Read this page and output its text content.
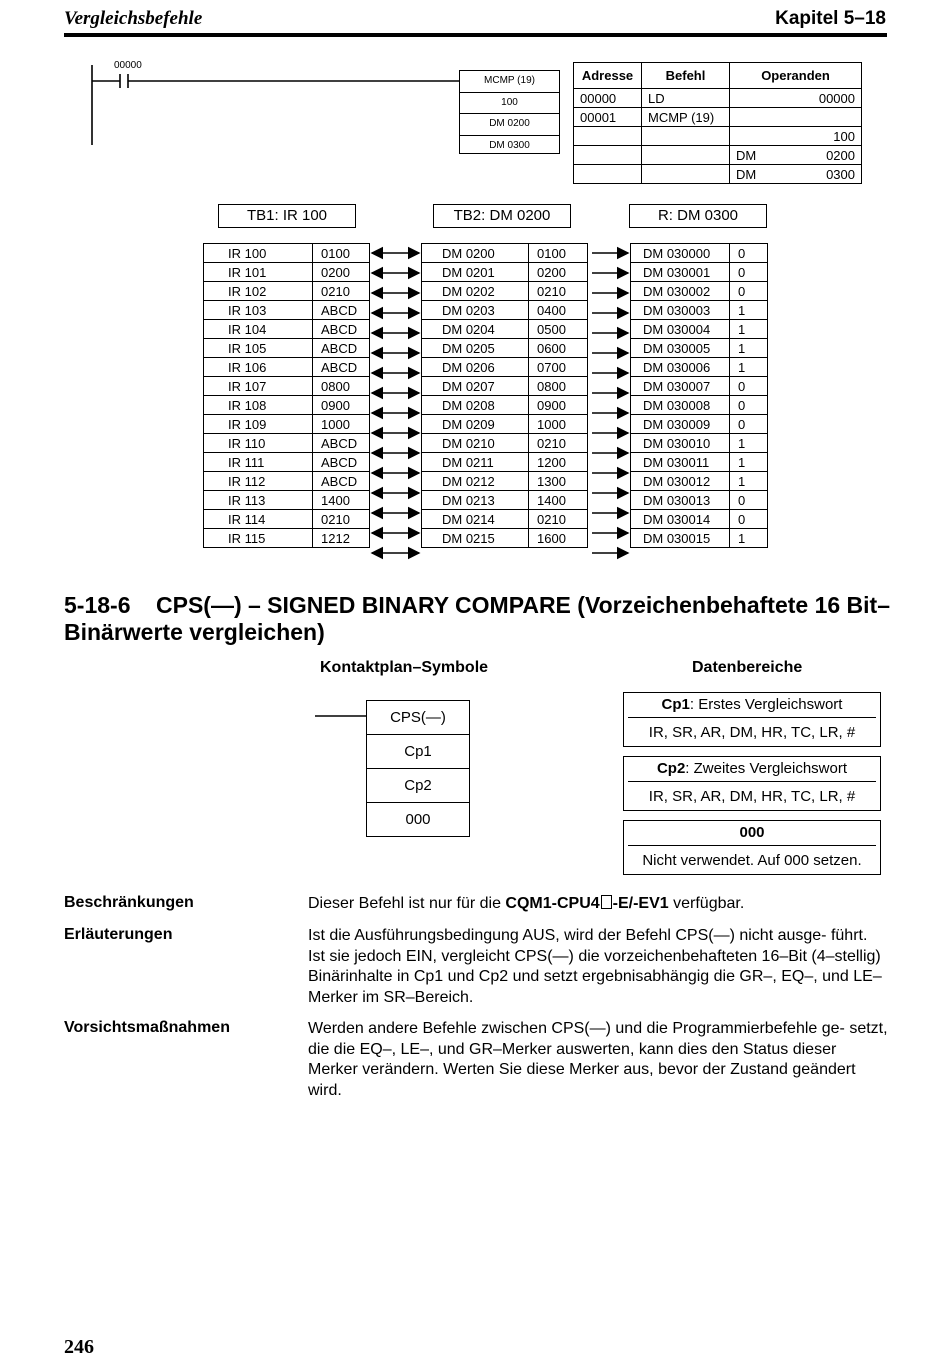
Vergleichsbefehle	Kapitel 5–18
00000
MCMP (19)
100
DM 0200
DM 0300
Adresse	Befehl	Operanden	
00000	LD		00000
00001	MCMP (19)		
			100
		DM	0200
		DM	0300
TB1: IR 100	TB2: DM 0200	R: DM 0300
IR 100	0100
IR 101	0200
IR 102	0210
IR 103	ABCD
IR 104	ABCD
IR 105	ABCD
IR 106	ABCD
IR 107	0800
IR 108	0900
IR 109	1000
IR 110	ABCD
IR 111	ABCD
IR 112	ABCD
IR 113	1400
IR 114	0210
IR 115	1212
DM 0200	0100
DM 0201	0200
DM 0202	0210
DM 0203	0400
DM 0204	0500
DM 0205	0600
DM 0206	0700
DM 0207	0800
DM 0208	0900
DM 0209	1000
DM 0210	0210
DM 0211	1200
DM 0212	1300
DM 0213	1400
DM 0214	0210
DM 0215	1600
DM 030000	0
DM 030001	0
DM 030002	0
DM 030003	1
DM 030004	1
DM 030005	1
DM 030006	1
DM 030007	0
DM 030008	0
DM 030009	0
DM 030010	1
DM 030011	1
DM 030012	1
DM 030013	0
DM 030014	0
DM 030015	1
5-18-6 CPS(—) – SIGNED BINARY COMPARE (Vorzeichenbehaftete 16 Bit–Binärwerte vergleichen)
Kontaktplan–Symbole	Datenbereiche
CPS(—)
Cp1
Cp2
000
Cp1: Erstes Vergleichswort
IR, SR, AR, DM, HR, TC, LR, #
Cp2: Zweites Vergleichswort
IR, SR, AR, DM, HR, TC, LR, #
000
Nicht verwendet. Auf 000 setzen.
Beschränkungen	Dieser Befehl ist nur für die CQM1-CPU4 -E/-EV1 verfügbar.
Erläuterungen	Ist die Ausführungsbedingung AUS, wird der Befehl CPS(—) nicht ausge- führt. Ist sie jedoch EIN, vergleicht CPS(—) die vorzeichenbehafteten 16–Bit (4–stellig) Binärinhalte in Cp1 und Cp2 und setzt ergebnisabhängig die GR–, EQ–, und LE–Merker im SR–Bereich.
Vorsichtsmaßnahmen	Werden andere Befehle zwischen CPS(—) und die Programmierbefehle ge- setzt, die die EQ–, LE–, und GR–Merker auswerten, kann dies den Status dieser Merker verändern. Werten Sie diese Merker aus, bevor der Zustand geändert wird.
246
